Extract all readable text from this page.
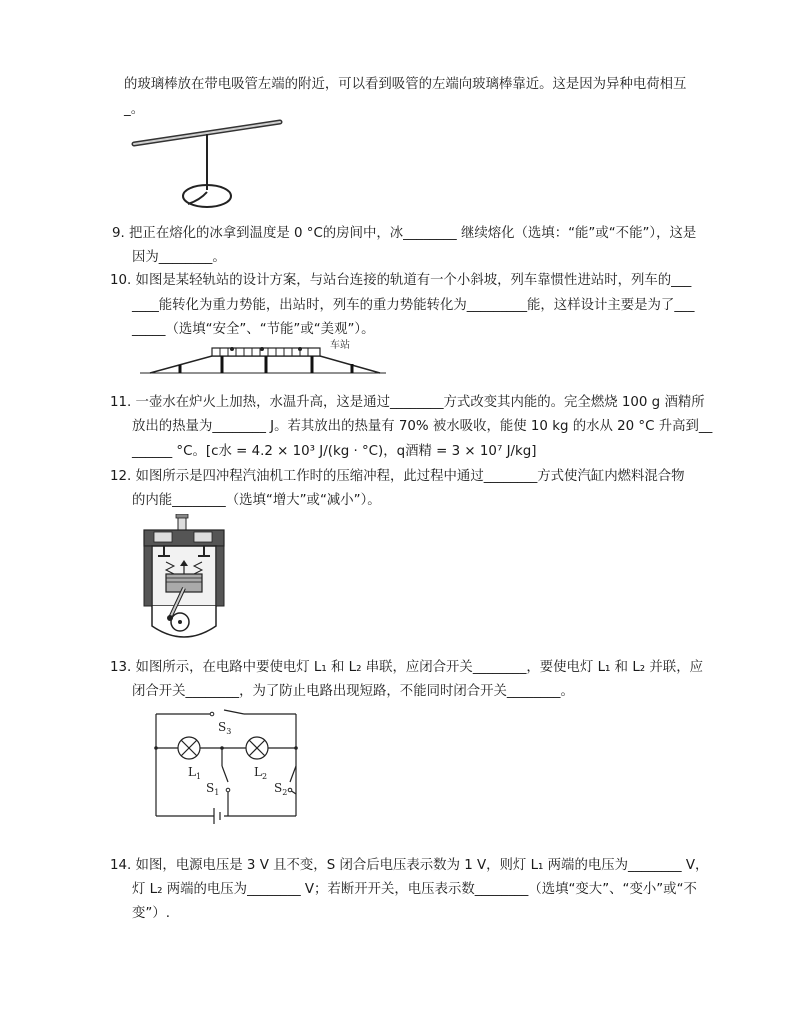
的玻璃棒放在带电吸管左端的附近，可以看到吸管的左端向玻璃棒靠近。这是因为异种电荷相互
_。
9. 把正在熔化的冰拿到温度是 0 °C的房间中，冰________ 继续熔化（选填：“能”或“不能”），这是
因为________。
10. 如图是某轻轨站的设计方案，与站台连接的轨道有一个小斜坡，列车靠惯性进站时，列车的___
____能转化为重力势能，出站时，列车的重力势能转化为_________能，这样设计主要是为了___
_____（选填“安全”、“节能”或“美观”）。
车站
11. 一壶水在炉火上加热，水温升高，这是通过________方式改变其内能的。完全燃烧 100 g 酒精所
放出的热量为________ J。若其放出的热量有 70% 被水吸收，能使 10 kg 的水从 20 °C 升高到__
______ °C。[c水 = 4.2 × 10³ J/(kg · °C)，q酒精 = 3 × 10⁷ J/kg]
12. 如图所示是四冲程汽油机工作时的压缩冲程，此过程中通过________方式使汽缸内燃料混合物
的内能________（选填“增大”或“减小”）。
13. 如图所示，在电路中要使电灯 L₁ 和 L₂ 串联，应闭合开关________，要使电灯 L₁ 和 L₂ 并联，应
闭合开关________，为了防止电路出现短路，不能同时闭合开关________。
$S_3$
$L_1$	$L_2$
$S_1$	$S_2$
14. 如图，电源电压是 3 V 且不变，S 闭合后电压表示数为 1 V，则灯 L₁ 两端的电压为________ V，
灯 L₂ 两端的电压为________ V；若断开开关，电压表示数________（选填“变大”、“变小”或“不
变”）.
